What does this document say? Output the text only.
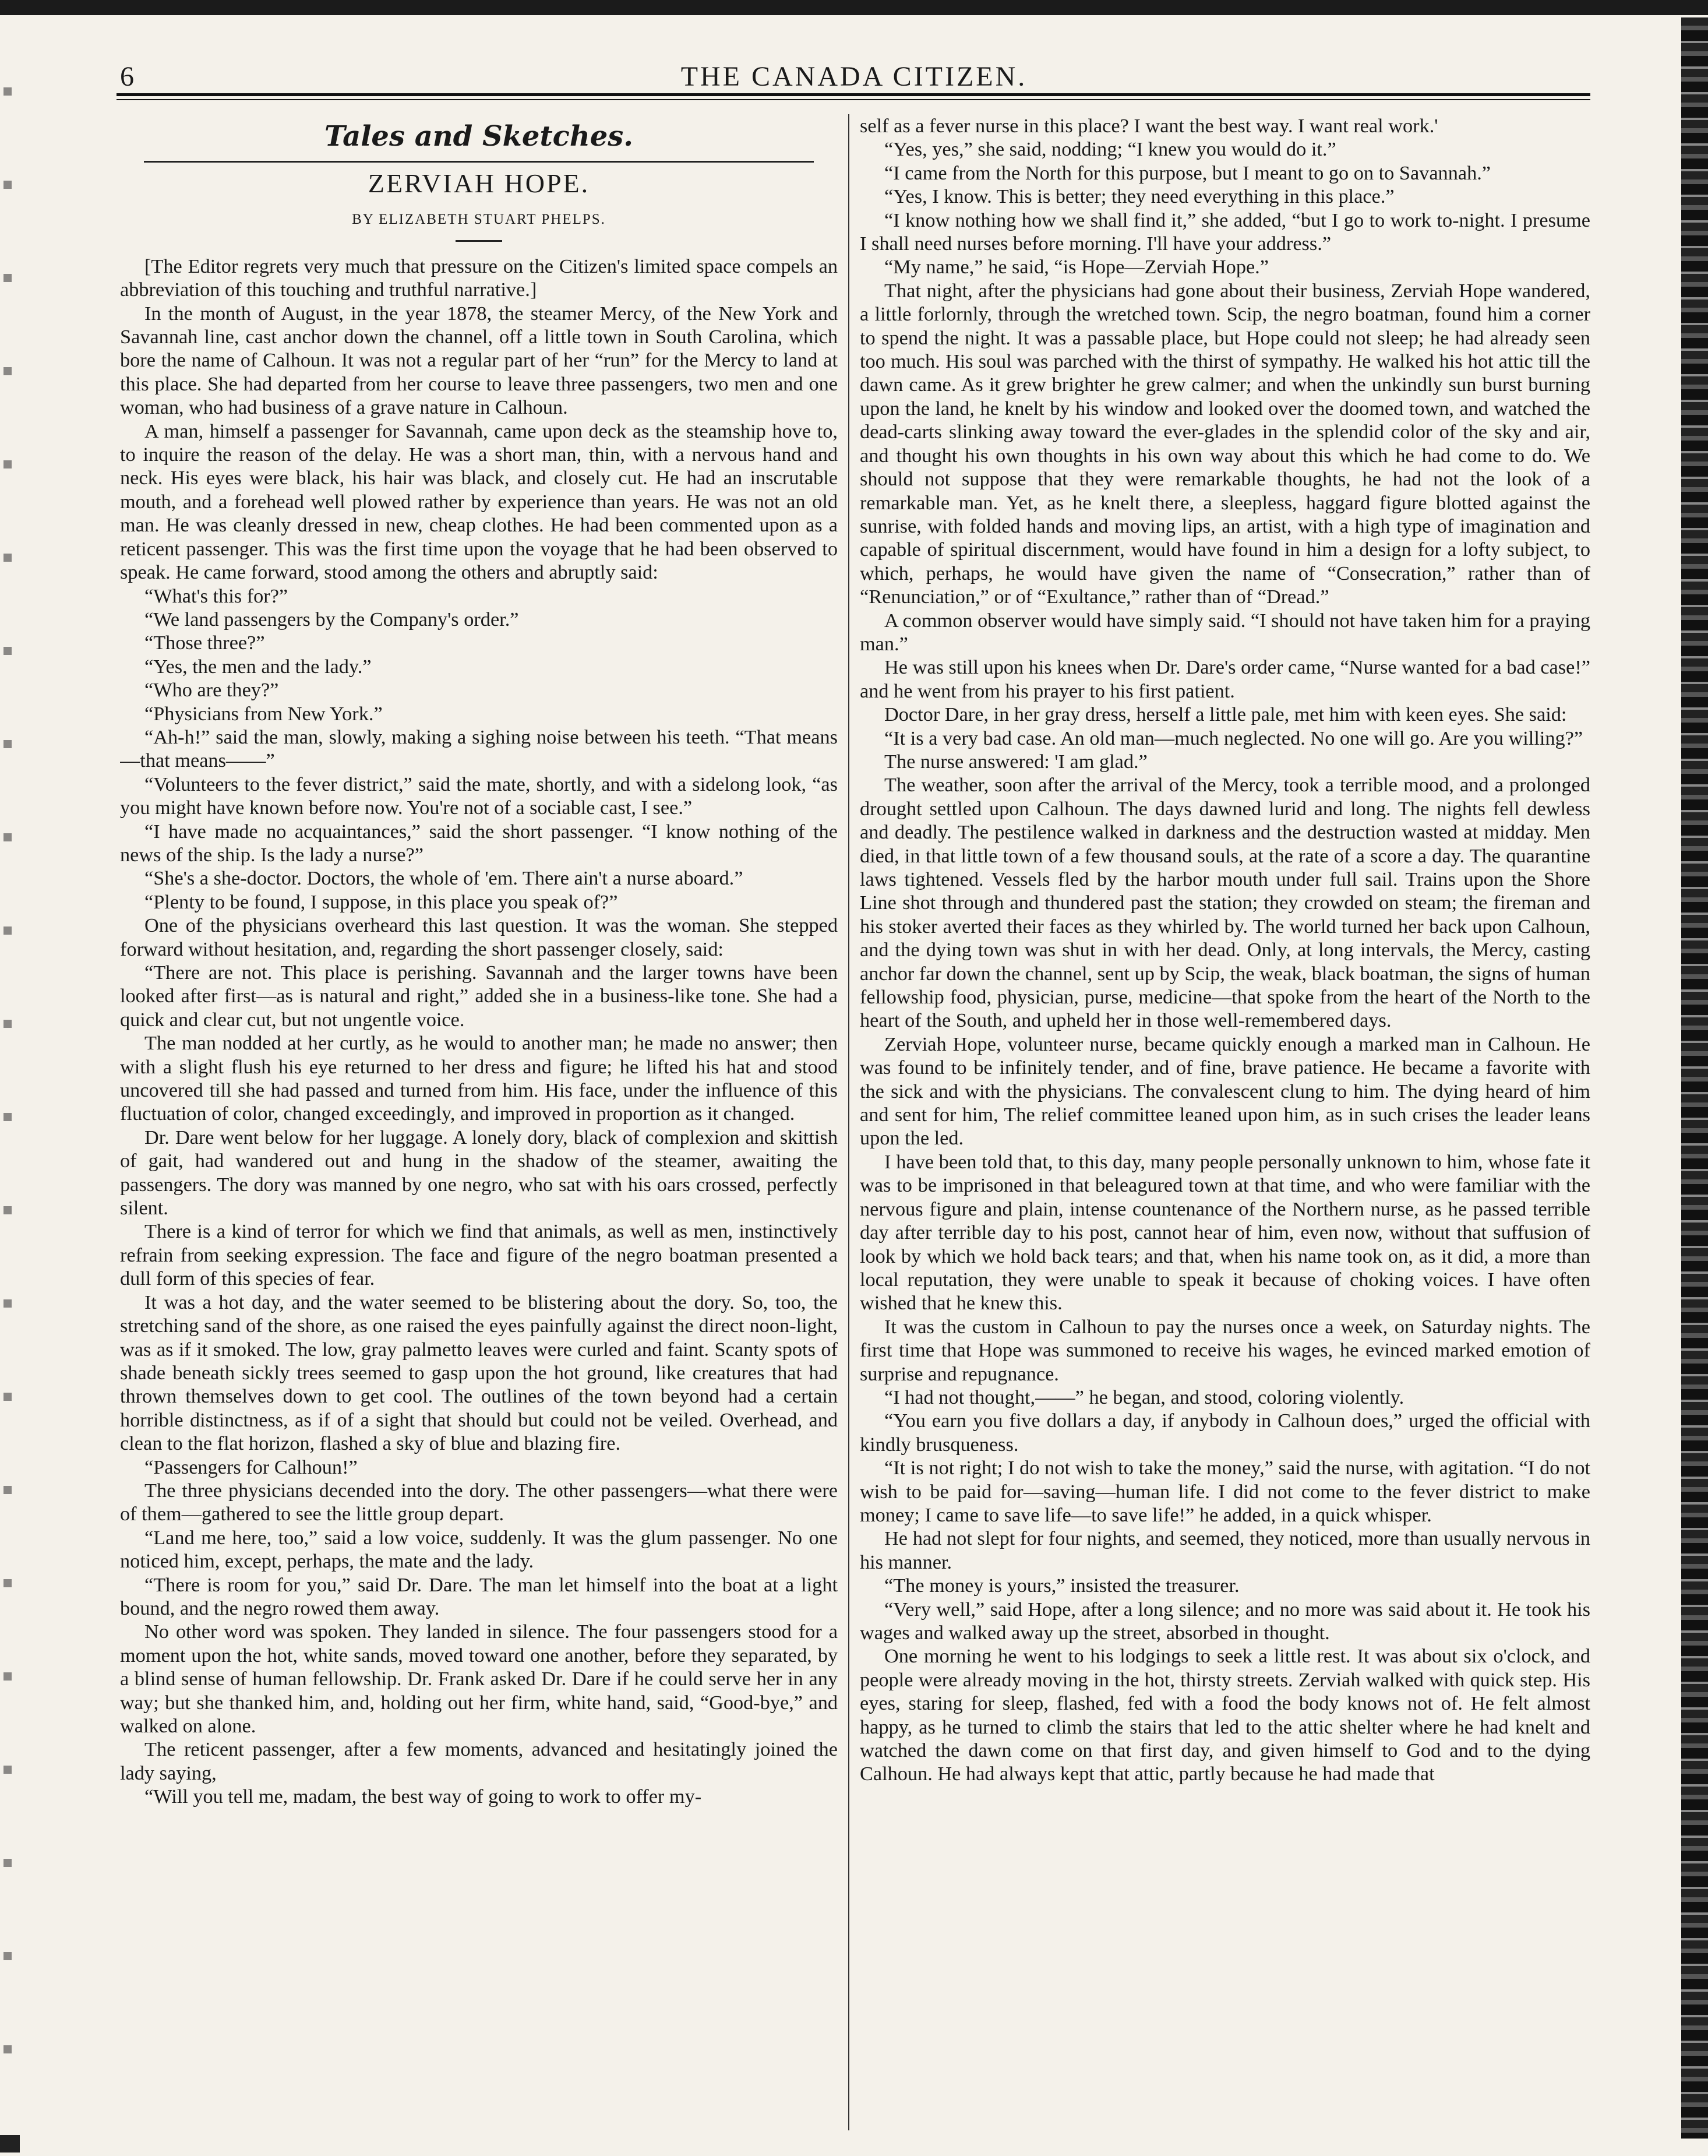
6	THE CANADA CITIZEN.
Tales and Sketches.
ZERVIAH HOPE.
BY ELIZABETH STUART PHELPS.

[The Editor regrets very much that pressure on the Citizen's limited space compels an abbreviation of this touching and truthful narrative.]

In the month of August, in the year 1878, the steamer Mercy, of the New York and Savannah line, cast anchor down the channel, off a little town in South Carolina, which bore the name of Calhoun. It was not a regular part of her “run” for the Mercy to land at this place. She had departed from her course to leave three passengers, two men and one woman, who had business of a grave nature in Calhoun.

A man, himself a passenger for Savannah, came upon deck as the steamship hove to, to inquire the reason of the delay. He was a short man, thin, with a nervous hand and neck. His eyes were black, his hair was black, and closely cut. He had an inscrutable mouth, and a forehead well plowed rather by experience than years. He was not an old man. He was cleanly dressed in new, cheap clothes. He had been commented upon as a reticent passenger. This was the first time upon the voyage that he had been observed to speak. He came forward, stood among the others and abruptly said:

“What's this for?”

“We land passengers by the Company's order.”

“Those three?”

“Yes, the men and the lady.”

“Who are they?”

“Physicians from New York.”

“Ah-h!” said the man, slowly, making a sighing noise between his teeth. “That means—that means——”

“Volunteers to the fever district,” said the mate, shortly, and with a sidelong look, “as you might have known before now. You're not of a sociable cast, I see.”

“I have made no acquaintances,” said the short passenger. “I know nothing of the news of the ship. Is the lady a nurse?”

“She's a she-doctor. Doctors, the whole of 'em. There ain't a nurse aboard.”

“Plenty to be found, I suppose, in this place you speak of?”

One of the physicians overheard this last question. It was the woman. She stepped forward without hesitation, and, regarding the short passenger closely, said:

“There are not. This place is perishing. Savannah and the larger towns have been looked after first—as is natural and right,” added she in a business-like tone. She had a quick and clear cut, but not ungentle voice.

The man nodded at her curtly, as he would to another man; he made no answer; then with a slight flush his eye returned to her dress and figure; he lifted his hat and stood uncovered till she had passed and turned from him. His face, under the influence of this fluctuation of color, changed exceedingly, and improved in proportion as it changed.

Dr. Dare went below for her luggage. A lonely dory, black of complexion and skittish of gait, had wandered out and hung in the shadow of the steamer, awaiting the passengers. The dory was manned by one negro, who sat with his oars crossed, perfectly silent.

There is a kind of terror for which we find that animals, as well as men, instinctively refrain from seeking expression. The face and figure of the negro boatman presented a dull form of this species of fear.

It was a hot day, and the water seemed to be blistering about the dory. So, too, the stretching sand of the shore, as one raised the eyes painfully against the direct noon-light, was as if it smoked. The low, gray palmetto leaves were curled and faint. Scanty spots of shade beneath sickly trees seemed to gasp upon the hot ground, like creatures that had thrown themselves down to get cool. The outlines of the town beyond had a certain horrible distinctness, as if of a sight that should but could not be veiled. Overhead, and clean to the flat horizon, flashed a sky of blue and blazing fire.

“Passengers for Calhoun!”

The three physicians decended into the dory. The other passengers—what there were of them—gathered to see the little group depart.

“Land me here, too,” said a low voice, suddenly. It was the glum passenger. No one noticed him, except, perhaps, the mate and the lady.

“There is room for you,” said Dr. Dare. The man let himself into the boat at a light bound, and the negro rowed them away.

No other word was spoken. They landed in silence. The four passengers stood for a moment upon the hot, white sands, moved toward one another, before they separated, by a blind sense of human fellowship. Dr. Frank asked Dr. Dare if he could serve her in any way; but she thanked him, and, holding out her firm, white hand, said, “Good-bye,” and walked on alone.

The reticent passenger, after a few moments, advanced and hesitatingly joined the lady saying,

“Will you tell me, madam, the best way of going to work to offer my-

self as a fever nurse in this place? I want the best way. I want real work.'

“Yes, yes,” she said, nodding; “I knew you would do it.”

“I came from the North for this purpose, but I meant to go on to Savannah.”

“Yes, I know. This is better; they need everything in this place.”

“I know nothing how we shall find it,” she added, “but I go to work to-night. I presume I shall need nurses before morning. I'll have your address.”

“My name,” he said, “is Hope—Zerviah Hope.”

That night, after the physicians had gone about their business, Zerviah Hope wandered, a little forlornly, through the wretched town. Scip, the negro boatman, found him a corner to spend the night. It was a passable place, but Hope could not sleep; he had already seen too much. His soul was parched with the thirst of sympathy. He walked his hot attic till the dawn came. As it grew brighter he grew calmer; and when the unkindly sun burst burning upon the land, he knelt by his window and looked over the doomed town, and watched the dead-carts slinking away toward the ever-glades in the splendid color of the sky and air, and thought his own thoughts in his own way about this which he had come to do. We should not suppose that they were remarkable thoughts, he had not the look of a remarkable man. Yet, as he knelt there, a sleepless, haggard figure blotted against the sunrise, with folded hands and moving lips, an artist, with a high type of imagination and capable of spiritual discernment, would have found in him a design for a lofty subject, to which, perhaps, he would have given the name of “Consecration,” rather than of “Renunciation,” or of “Exultance,” rather than of “Dread.”

A common observer would have simply said. “I should not have taken him for a praying man.”

He was still upon his knees when Dr. Dare's order came, “Nurse wanted for a bad case!” and he went from his prayer to his first patient.

Doctor Dare, in her gray dress, herself a little pale, met him with keen eyes. She said:

“It is a very bad case. An old man—much neglected. No one will go. Are you willing?”

The nurse answered: 'I am glad.”

The weather, soon after the arrival of the Mercy, took a terrible mood, and a prolonged drought settled upon Calhoun. The days dawned lurid and long. The nights fell dewless and deadly. The pestilence walked in darkness and the destruction wasted at midday. Men died, in that little town of a few thousand souls, at the rate of a score a day. The quarantine laws tightened. Vessels fled by the harbor mouth under full sail. Trains upon the Shore Line shot through and thundered past the station; they crowded on steam; the fireman and his stoker averted their faces as they whirled by. The world turned her back upon Calhoun, and the dying town was shut in with her dead. Only, at long intervals, the Mercy, casting anchor far down the channel, sent up by Scip, the weak, black boatman, the signs of human fellowship food, physician, purse, medicine—that spoke from the heart of the North to the heart of the South, and upheld her in those well-remembered days.

Zerviah Hope, volunteer nurse, became quickly enough a marked man in Calhoun. He was found to be infinitely tender, and of fine, brave patience. He became a favorite with the sick and with the physicians. The convalescent clung to him. The dying heard of him and sent for him, The relief committee leaned upon him, as in such crises the leader leans upon the led.

I have been told that, to this day, many people personally unknown to him, whose fate it was to be imprisoned in that beleagured town at that time, and who were familiar with the nervous figure and plain, intense countenance of the Northern nurse, as he passed terrible day after terrible day to his post, cannot hear of him, even now, without that suffusion of look by which we hold back tears; and that, when his name took on, as it did, a more than local reputation, they were unable to speak it because of choking voices. I have often wished that he knew this.

It was the custom in Calhoun to pay the nurses once a week, on Saturday nights. The first time that Hope was summoned to receive his wages, he evinced marked emotion of surprise and repugnance.

“I had not thought,——” he began, and stood, coloring violently.

“You earn you five dollars a day, if anybody in Calhoun does,” urged the official with kindly brusqueness.

“It is not right; I do not wish to take the money,” said the nurse, with agitation. “I do not wish to be paid for—saving—human life. I did not come to the fever district to make money; I came to save life—to save life!” he added, in a quick whisper.

He had not slept for four nights, and seemed, they noticed, more than usually nervous in his manner.

“The money is yours,” insisted the treasurer.

“Very well,” said Hope, after a long silence; and no more was said about it. He took his wages and walked away up the street, absorbed in thought.

One morning he went to his lodgings to seek a little rest. It was about six o'clock, and people were already moving in the hot, thirsty streets. Zerviah walked with quick step. His eyes, staring for sleep, flashed, fed with a food the body knows not of. He felt almost happy, as he turned to climb the stairs that led to the attic shelter where he had knelt and watched the dawn come on that first day, and given himself to God and to the dying Calhoun. He had always kept that attic, partly because he had made that
